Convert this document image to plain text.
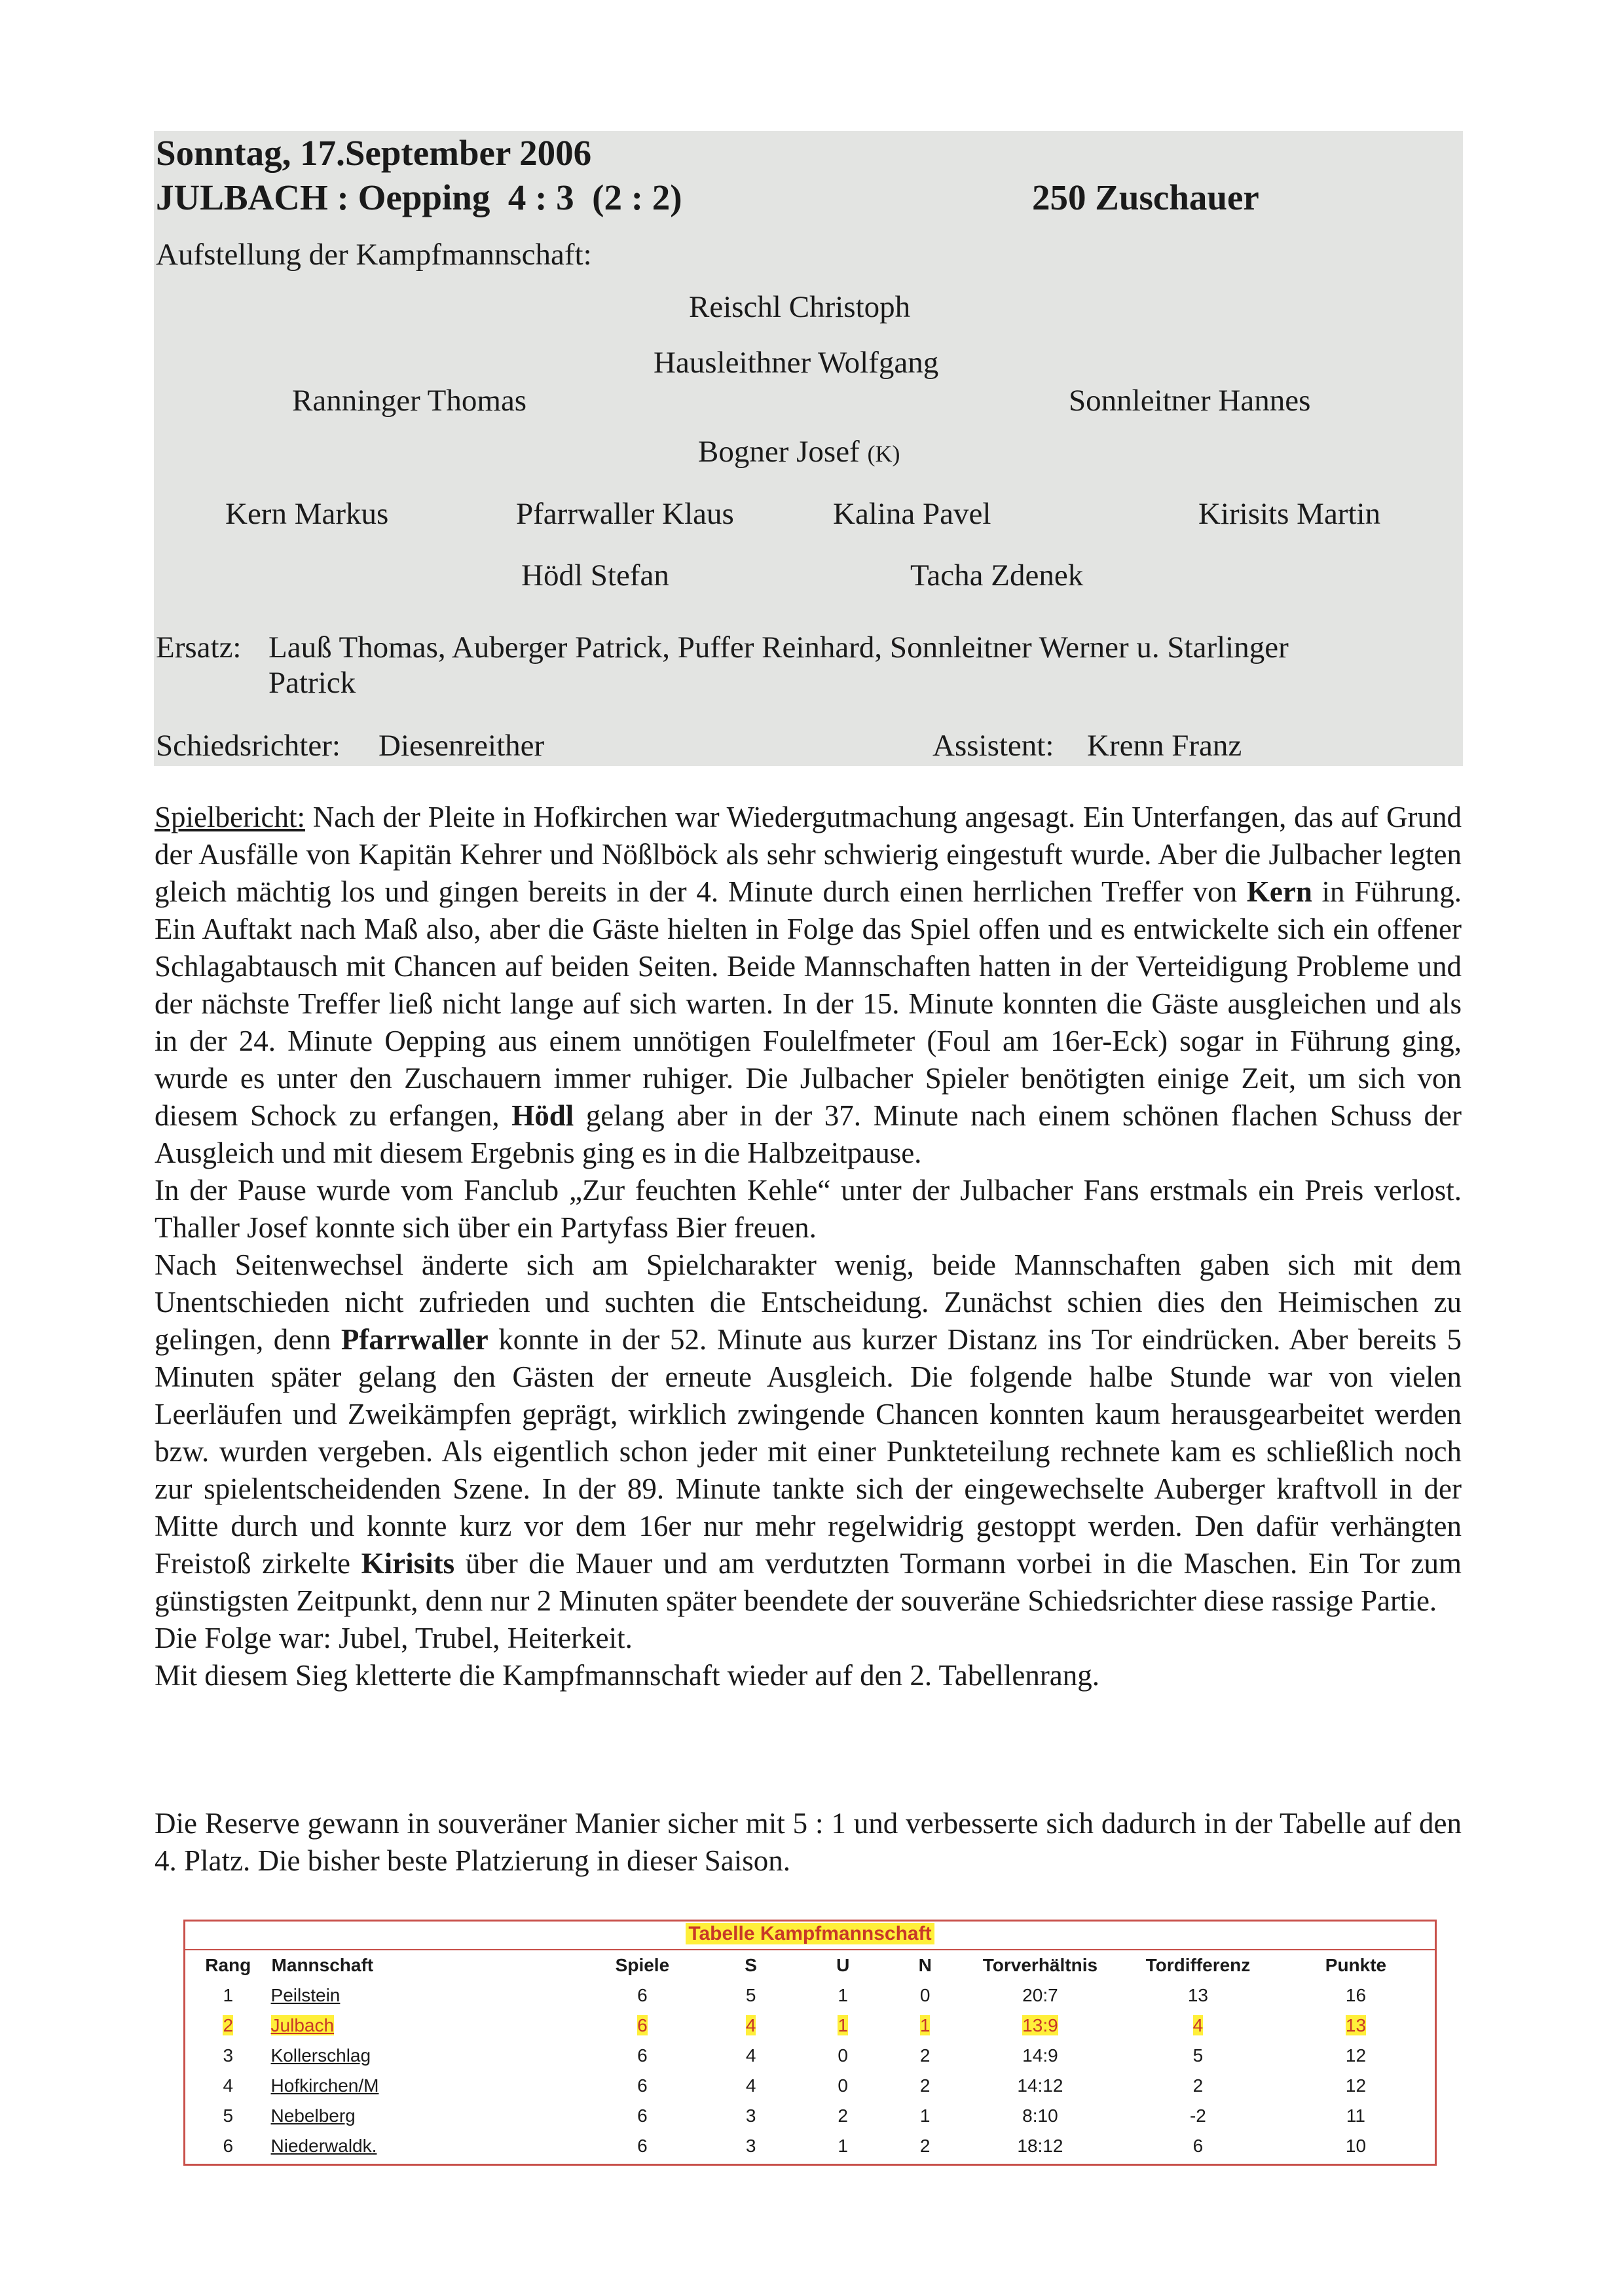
Sonntag, 17.September 2006
JULBACH : Oepping  4 : 3  (2 : 2)	250 Zuschauer
Aufstellung der Kampfmannschaft:
Reischl Christoph
Hausleithner Wolfgang
Ranninger Thomas	Sonnleitner Hannes
Bogner Josef (K)
Kern Markus	Pfarrwaller Klaus	Kalina Pavel	Kirisits Martin
Hödl Stefan	Tacha Zdenek
Ersatz: Lauß Thomas, Auberger Patrick, Puffer Reinhard, Sonnleitner Werner u. Starlinger
Patrick
Schiedsrichter: Diesenreither	Assistent: Krenn Franz

Spielbericht: Nach der Pleite in Hofkirchen war Wiedergutmachung angesagt. Ein Unterfangen, das auf Grund der Ausfälle von Kapitän Kehrer und Nößlböck als sehr schwierig eingestuft wurde. Aber die Julbacher legten gleich mächtig los und gingen bereits in der 4. Minute durch einen herrlichen Treffer von Kern in Führung. Ein Auftakt nach Maß also, aber die Gäste hielten in Folge das Spiel offen und es entwickelte sich ein offener Schlagabtausch mit Chancen auf beiden Seiten. Beide Mannschaften hatten in der Verteidigung Probleme und der nächste Treffer ließ nicht lange auf sich warten. In der 15. Minute konnten die Gäste ausgleichen und als in der 24. Minute Oepping aus einem unnötigen Foulelfmeter (Foul am 16er-Eck) sogar in Führung ging, wurde es unter den Zuschauern immer ruhiger. Die Julbacher Spieler benötigten einige Zeit, um sich von diesem Schock zu erfangen, Hödl gelang aber in der 37. Minute nach einem schönen flachen Schuss der Ausgleich und mit diesem Ergebnis ging es in die Halbzeitpause.

In der Pause wurde vom Fanclub „Zur feuchten Kehle“ unter der Julbacher Fans erstmals ein Preis verlost. Thaller Josef konnte sich über ein Partyfass Bier freuen.

Nach Seitenwechsel änderte sich am Spielcharakter wenig, beide Mannschaften gaben sich mit dem Unentschieden nicht zufrieden und suchten die Entscheidung. Zunächst schien dies den Heimischen zu gelingen, denn Pfarrwaller konnte in der 52. Minute aus kurzer Distanz ins Tor eindrücken. Aber bereits 5 Minuten später gelang den Gästen der erneute Ausgleich. Die folgende halbe Stunde war von vielen Leerläufen und Zweikämpfen geprägt, wirklich zwingende Chancen konnten kaum herausgearbeitet werden bzw. wurden vergeben. Als eigentlich schon jeder mit einer Punkteteilung rechnete kam es schließlich noch zur spielentscheidenden Szene. In der 89. Minute tankte sich der eingewechselte Auberger kraftvoll in der Mitte durch und konnte kurz vor dem 16er nur mehr regelwidrig gestoppt werden. Den dafür verhängten Freistoß zirkelte Kirisits über die Mauer und am verdutzten Tormann vorbei in die Maschen. Ein Tor zum günstigsten Zeitpunkt, denn nur 2 Minuten später beendete der souveräne Schiedsrichter diese rassige Partie.

Die Folge war: Jubel, Trubel, Heiterkeit.

Mit diesem Sieg kletterte die Kampfmannschaft wieder auf den 2. Tabellenrang.

Die Reserve gewann in souveräner Manier sicher mit 5 : 1 und verbesserte sich dadurch in der Tabelle auf den 4. Platz. Die bisher beste Platzierung in dieser Saison.

Tabelle Kampfmannschaft
Rang	Mannschaft	Spiele	S	U	N	Torverhältnis	Tordifferenz	Punkte
1	Peilstein	6	5	1	0	20:7	13	16
2	Julbach	6	4	1	1	13:9	4	13
3	Kollerschlag	6	4	0	2	14:9	5	12
4	Hofkirchen/M	6	4	0	2	14:12	2	12
5	Nebelberg	6	3	2	1	8:10	-2	11
6	Niederwaldk.	6	3	1	2	18:12	6	10
